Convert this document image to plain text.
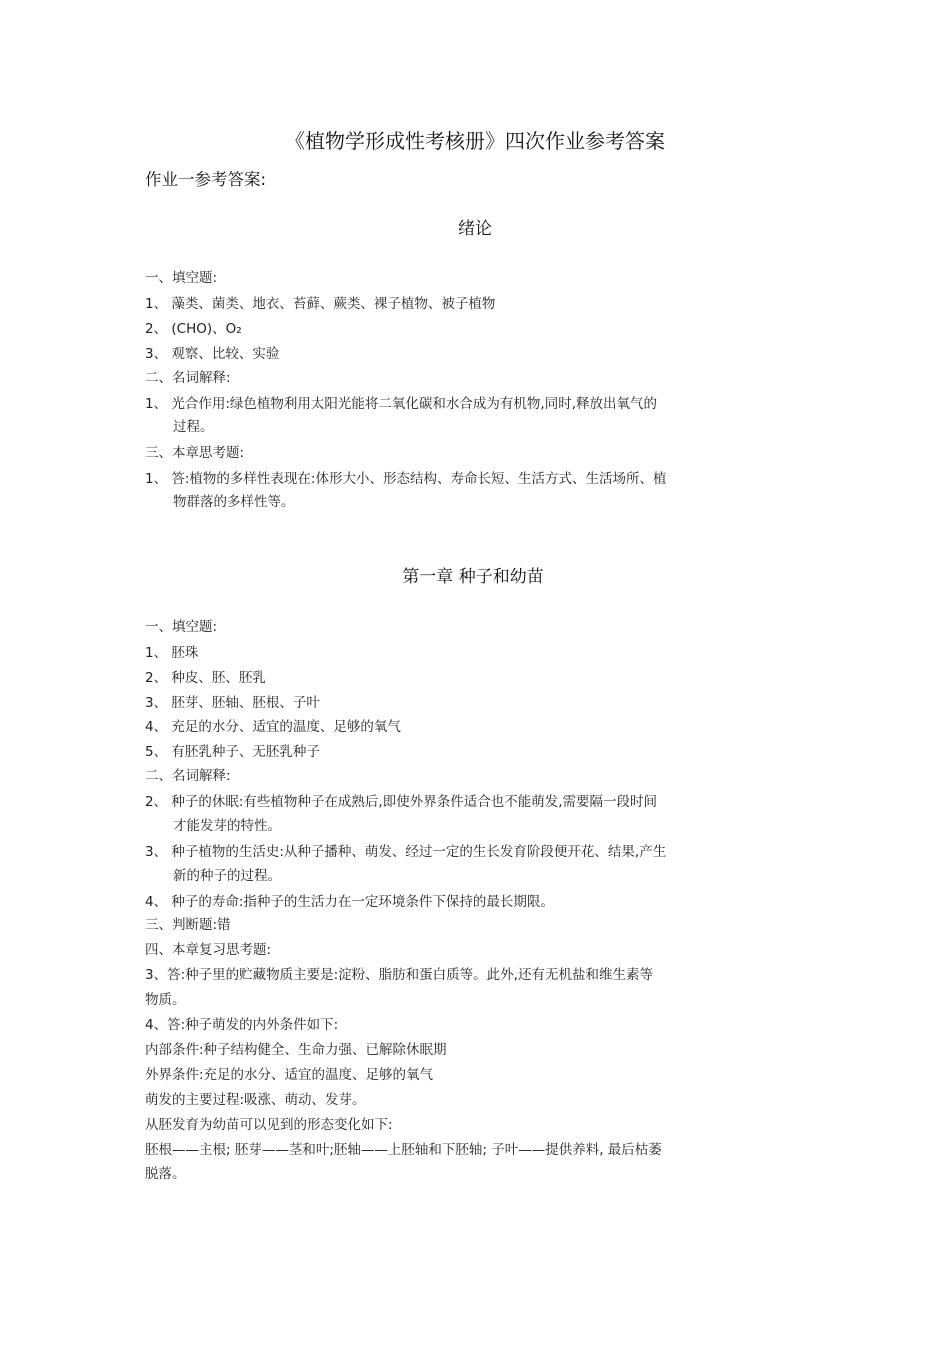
《植物学形成性考核册》四次作业参考答案
作业一参考答案:
绪论
一、填空题:
1、 藻类、菌类、地衣、苔藓、蕨类、裸子植物、被子植物
2、 (CHO)、O₂
3、 观察、比较、实验
二、名词解释:
1、 光合作用:绿色植物利用太阳光能将二氧化碳和水合成为有机物,同时,释放出氧气的
过程。
三、本章思考题:
1、 答:植物的多样性表现在:体形大小、形态结构、寿命长短、生活方式、生活场所、植
物群落的多样性等。
第一章 种子和幼苗
一、填空题:
1、 胚珠
2、 种皮、胚、胚乳
3、 胚芽、胚轴、胚根、子叶
4、 充足的水分、适宜的温度、足够的氧气
5、 有胚乳种子、无胚乳种子
二、名词解释:
2、 种子的休眠:有些植物种子在成熟后,即使外界条件适合也不能萌发,需要隔一段时间
才能发芽的特性。
3、 种子植物的生活史:从种子播种、萌发、经过一定的生长发育阶段便开花、结果,产生
新的种子的过程。
4、 种子的寿命:指种子的生活力在一定环境条件下保持的最长期限。
三、判断题:错
四、本章复习思考题:
3、答:种子里的贮藏物质主要是:淀粉、脂肪和蛋白质等。此外,还有无机盐和维生素等
物质。
4、答:种子萌发的内外条件如下:
内部条件:种子结构健全、生命力强、已解除休眠期
外界条件:充足的水分、适宜的温度、足够的氧气
萌发的主要过程:吸涨、萌动、发芽。
从胚发育为幼苗可以见到的形态变化如下:
胚根——主根; 胚芽——茎和叶;胚轴——上胚轴和下胚轴; 子叶——提供养料, 最后枯萎
脱落。
